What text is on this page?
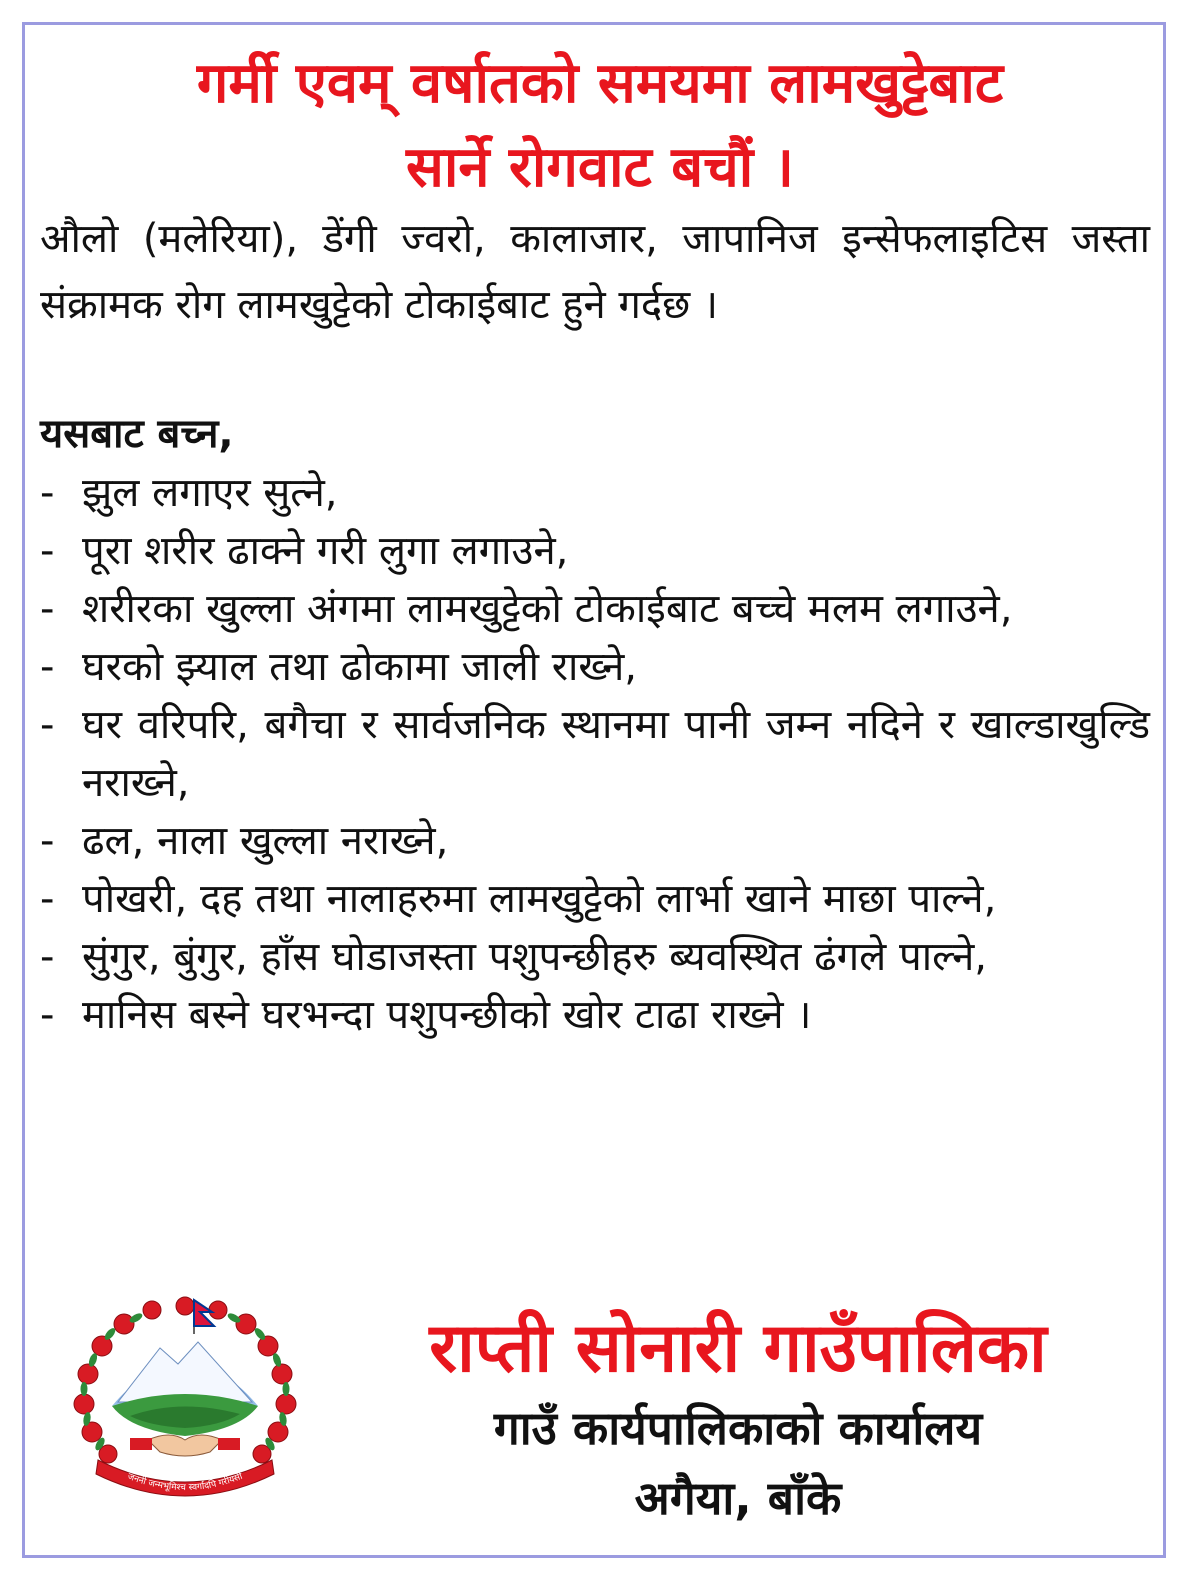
गर्मी एवम् वर्षातको समयमा लामखुट्टेबाट
सार्ने रोगवाट बचौं ।
औलो (मलेरिया), डेंगी ज्वरो, कालाजार, जापानिज इन्सेफलाइटिस जस्ता संक्रामक रोग लामखुट्टेको टोकाईबाट हुने गर्दछ ।
यसबाट बच्न,
- झुल लगाएर सुत्ने,
- पूरा शरीर ढाक्ने गरी लुगा लगाउने,
- शरीरका खुल्ला अंगमा लामखुट्टेको टोकाईबाट बच्चे मलम लगाउने,
- घरको झ्याल तथा ढोकामा जाली राख्ने,
- घर वरिपरि, बगैचा र सार्वजनिक स्थानमा पानी जम्न नदिने र खाल्डाखुल्डि नराख्ने,
- ढल, नाला खुल्ला नराख्ने,
- पोखरी, दह तथा नालाहरुमा लामखुट्टेको लार्भा खाने माछा पाल्ने,
- सुंगुर, बुंगुर, हाँस घोडाजस्ता पशुपन्छीहरु ब्यवस्थित ढंगले पाल्ने,
- मानिस बस्ने घरभन्दा पशुपन्छीको खोर टाढा राख्ने ।
जननी जन्मभूमिश्च स्वर्गादपि गरीयसी
राप्ती सोनारी गाउँपालिका
गाउँ कार्यपालिकाको कार्यालय
अगैया, बाँके
